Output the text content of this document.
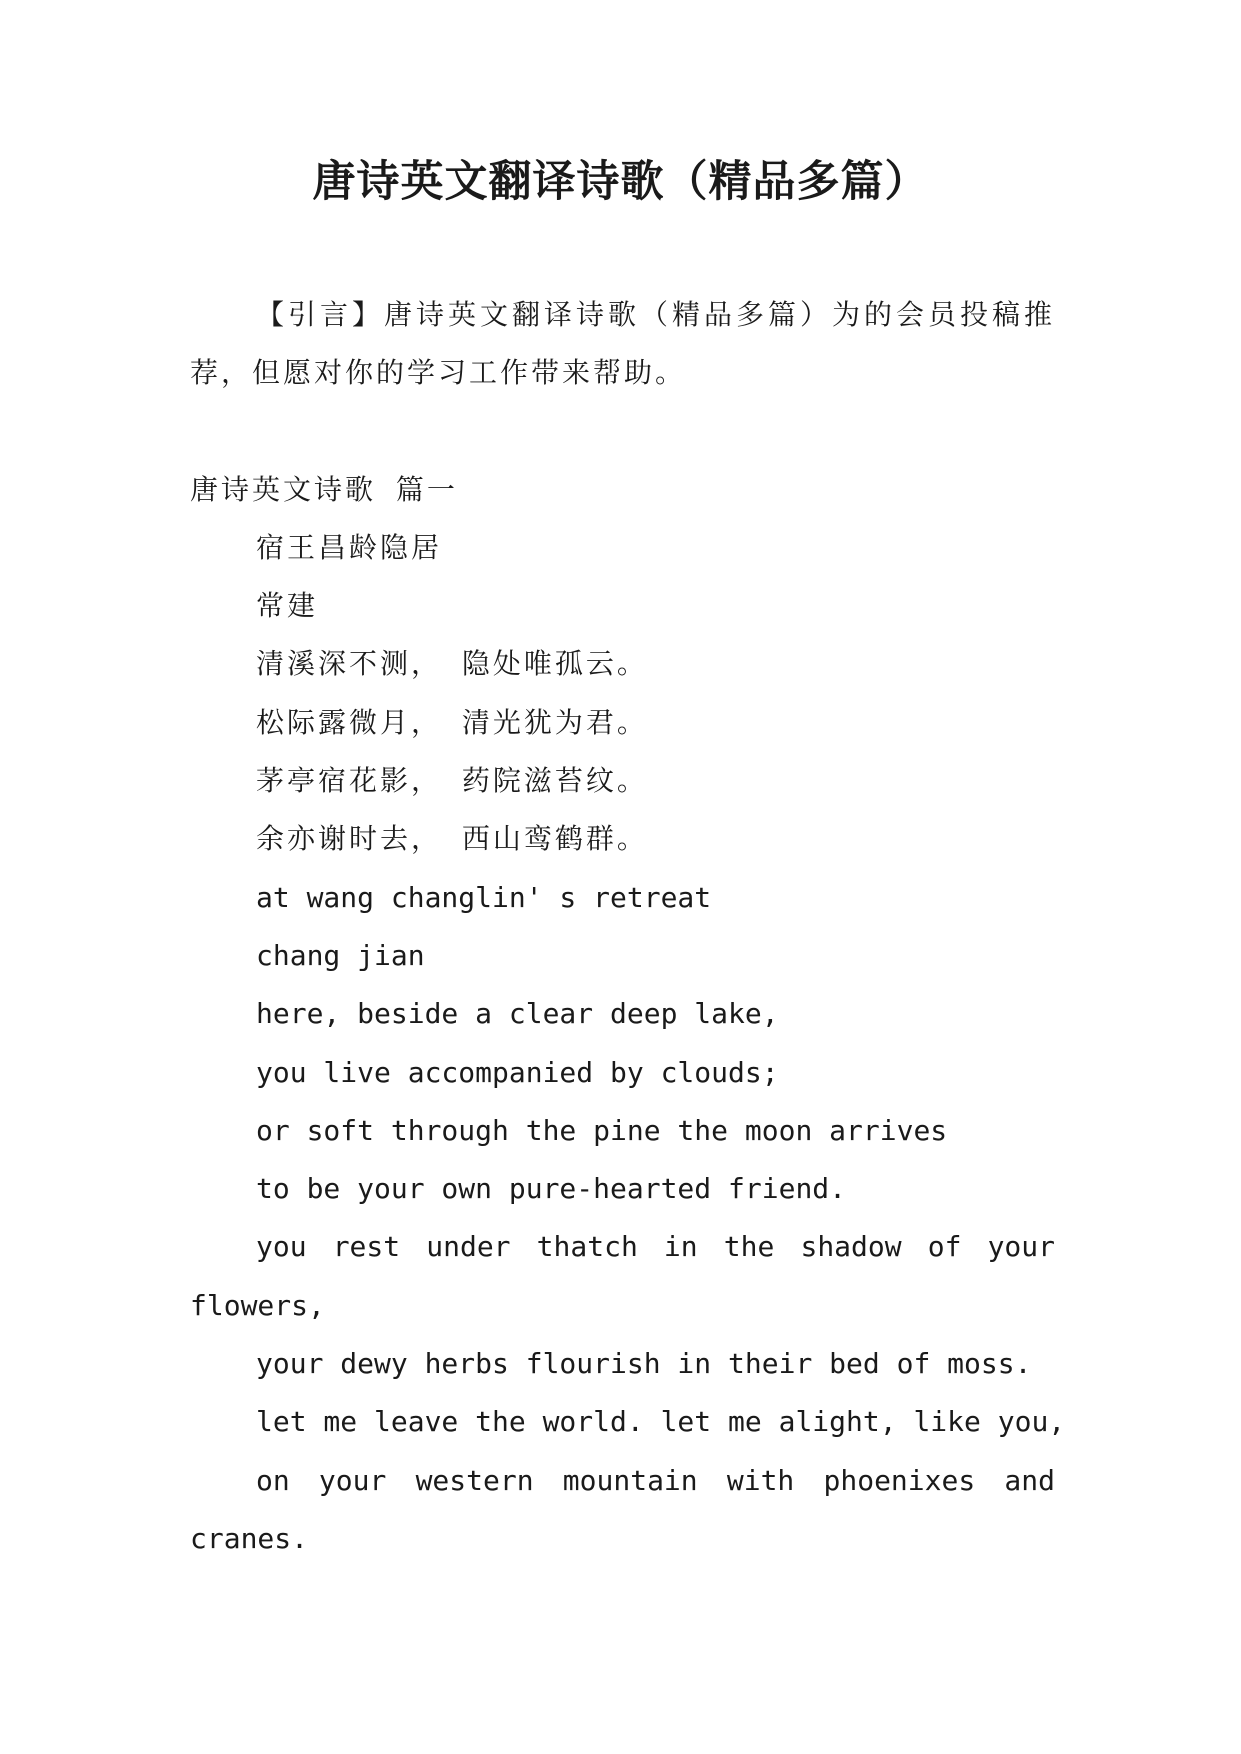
唐诗英文翻译诗歌（精品多篇）

【引言】唐诗英文翻译诗歌（精品多篇）为的会员投稿推荐，但愿对你的学习工作带来帮助。

唐诗英文诗歌 篇一

宿王昌龄隐居

常建

清溪深不测， 隐处唯孤云。

松际露微月， 清光犹为君。

茅亭宿花影， 药院滋苔纹。

余亦谢时去， 西山鸾鹤群。

at wang changlin' s retreat

chang jian

here, beside a clear deep lake,

you live accompanied by clouds;

or soft through the pine the moon arrives

to be your own pure-hearted friend.

you rest under thatch in the shadow of your flowers,

your dewy herbs flourish in their bed of moss.

let me leave the world. let me alight, like you,

on your western mountain with phoenixes and cranes.
